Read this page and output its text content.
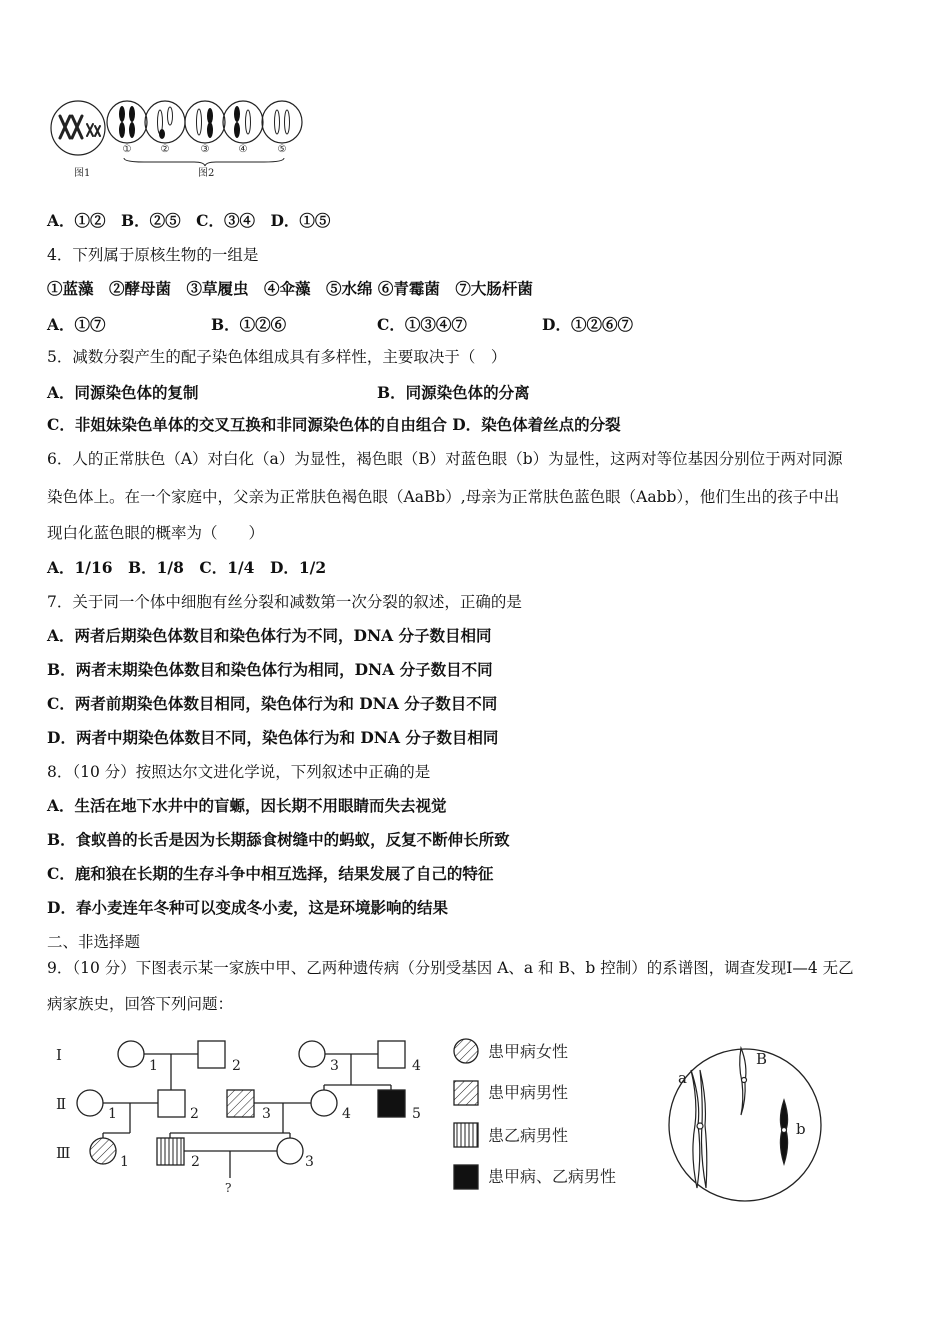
①	②	③	④	⑤
图1	图2
A．①②　B．②⑤　C．③④　D．①⑤
4．下列属于原核生物的一组是
①蓝藻　②酵母菌　③草履虫　④伞藻　⑤水绵 ⑥青霉菌　⑦大肠杆菌
A．①⑦	B．①②⑥	C．①③④⑦	D．①②⑥⑦
5．减数分裂产生的配子染色体组成具有多样性，主要取决于（　）
A．同源染色体的复制	B．同源染色体的分离
C．非姐妹染色单体的交叉互换和非同源染色体的自由组合 D．染色体着丝点的分裂
6．人的正常肤色（A）对白化（a）为显性，褐色眼（B）对蓝色眼（b）为显性，这两对等位基因分别位于两对同源
染色体上。在一个家庭中，父亲为正常肤色褐色眼（AaBb）,母亲为正常肤色蓝色眼（Aabb），他们生出的孩子中出
现白化蓝色眼的概率为（　　）
A．1/16　B．1/8　C．1/4　D．1/2
7．关于同一个体中细胞有丝分裂和减数第一次分裂的叙述，正确的是
A．两者后期染色体数目和染色体行为不同，DNA 分子数目相同
B．两者末期染色体数目和染色体行为相同，DNA 分子数目不同
C．两者前期染色体数目相同，染色体行为和 DNA 分子数目不同
D．两者中期染色体数目不同，染色体行为和 DNA 分子数目相同
8．（10 分）按照达尔文进化学说，下列叙述中正确的是
A．生活在地下水井中的盲螈，因长期不用眼睛而失去视觉
B．食蚁兽的长舌是因为长期舔食树缝中的蚂蚁，反复不断伸长所致
C．鹿和狼在长期的生存斗争中相互选择，结果发展了自己的特征
D．春小麦连年冬种可以变成冬小麦，这是环境影响的结果
二、非选择题
9．（10 分）下图表示某一家族中甲、乙两种遗传病（分别受基因 A、a 和 B、b 控制）的系谱图，调查发现Ⅰ—4 无乙
病家族史，回答下列问题：
Ⅰ
Ⅱ
Ⅲ
1	2	3	4
1	2	3	4	5
1	2	3
?
患甲病女性
患甲病男性
患乙病男性
患甲病、乙病男性
a
B
b
